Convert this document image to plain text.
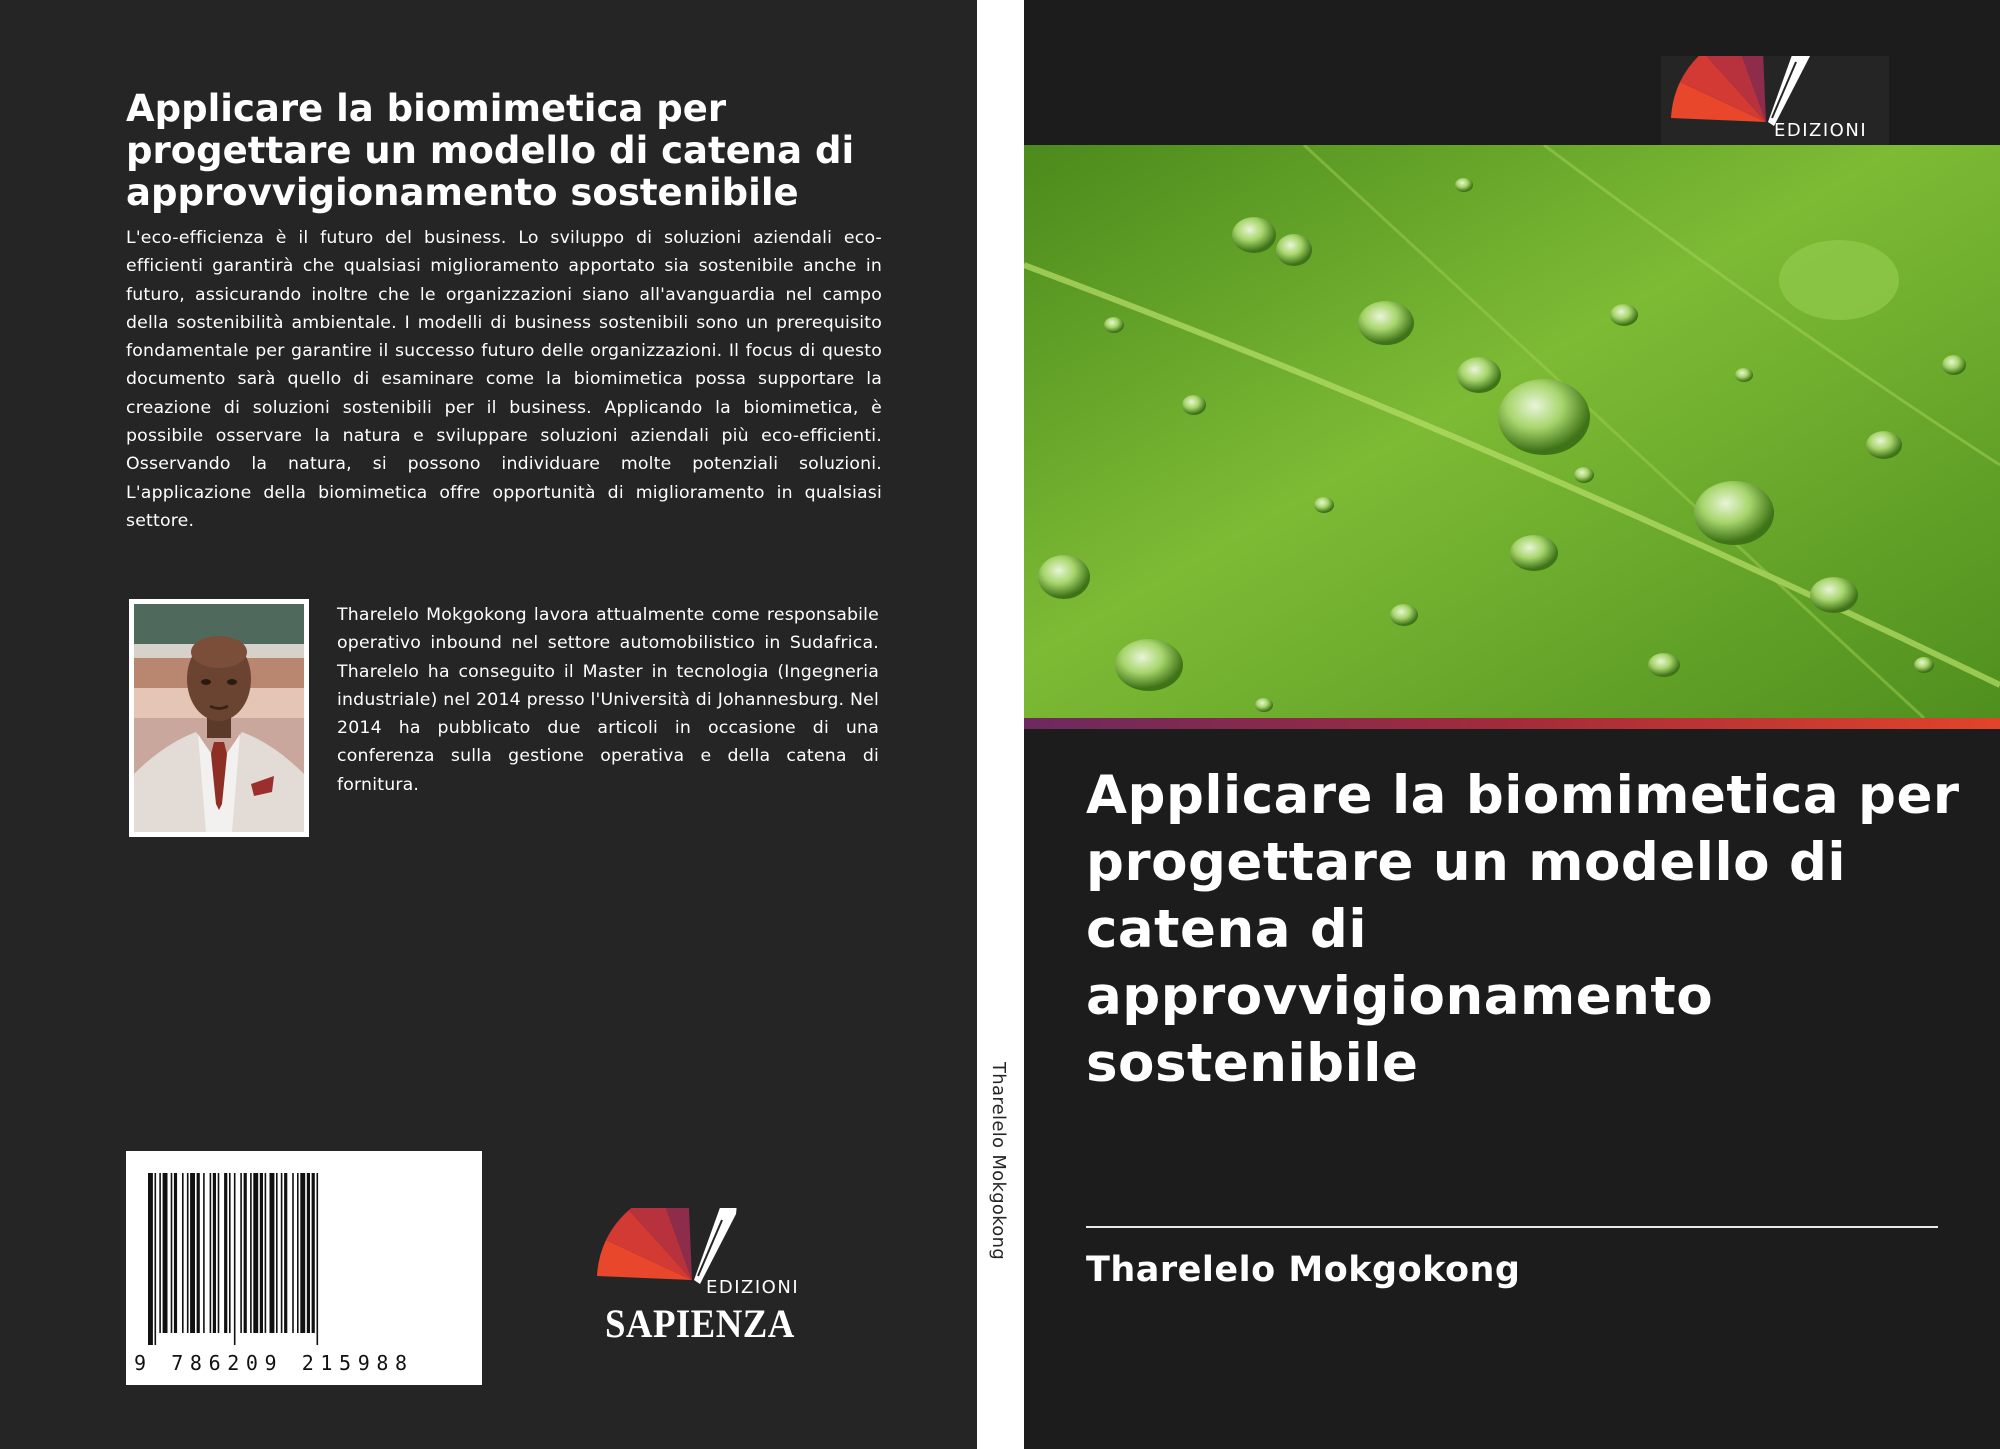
Applicare la biomimetica per progettare un modello di catena di approvvigionamento sostenibile

L'eco-efficienza è il futuro del business. Lo sviluppo di soluzioni aziendali eco-efficienti garantirà che qualsiasi miglioramento apportato sia sostenibile anche in futuro, assicurando inoltre che le organizzazioni siano all'avanguardia nel campo della sostenibilità ambientale. I modelli di business sostenibili sono un prerequisito fondamentale per garantire il successo futuro delle organizzazioni. Il focus di questo documento sarà quello di esaminare come la biomimetica possa supportare la creazione di soluzioni sostenibili per il business. Applicando la biomimetica, è possibile osservare la natura e sviluppare soluzioni aziendali più eco-efficienti. Osservando la natura, si possono individuare molte potenziali soluzioni. L'applicazione della biomimetica offre opportunità di miglioramento in qualsiasi settore.

Tharelelo Mokgokong lavora attualmente come responsabile operativo inbound nel settore automobilistico in Sudafrica. Tharelelo ha conseguito il Master in tecnologia (Ingegneria industriale) nel 2014 presso l'Università di Johannesburg. Nel 2014 ha pubblicato due articoli in occasione di una conferenza sulla gestione operativa e della catena di fornitura.

9 786209 215988
EDIZIONI
SAPIENZA
Tharelelo Mokgokong
EDIZIONI
Applicare la biomimetica per progettare un modello di catena di approvvigionamento sostenibile
Tharelelo Mokgokong
